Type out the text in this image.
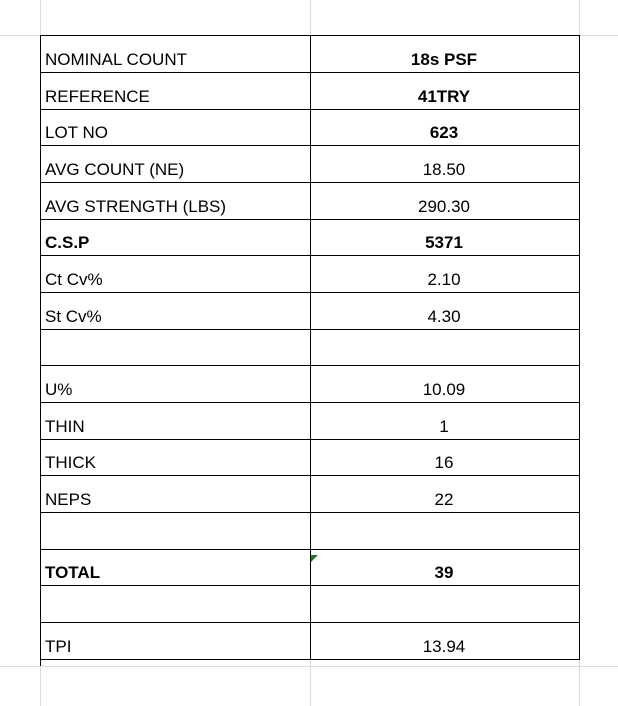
NOMINAL COUNT	18s PSF
REFERENCE	41TRY
LOT NO	623
AVG COUNT (NE)	18.50
AVG STRENGTH (LBS)	290.30
C.S.P	5371
Ct Cv%	2.10
St Cv%	4.30
U%	10.09
THIN	1
THICK	16
NEPS	22
TOTAL	39
TPI	13.94
